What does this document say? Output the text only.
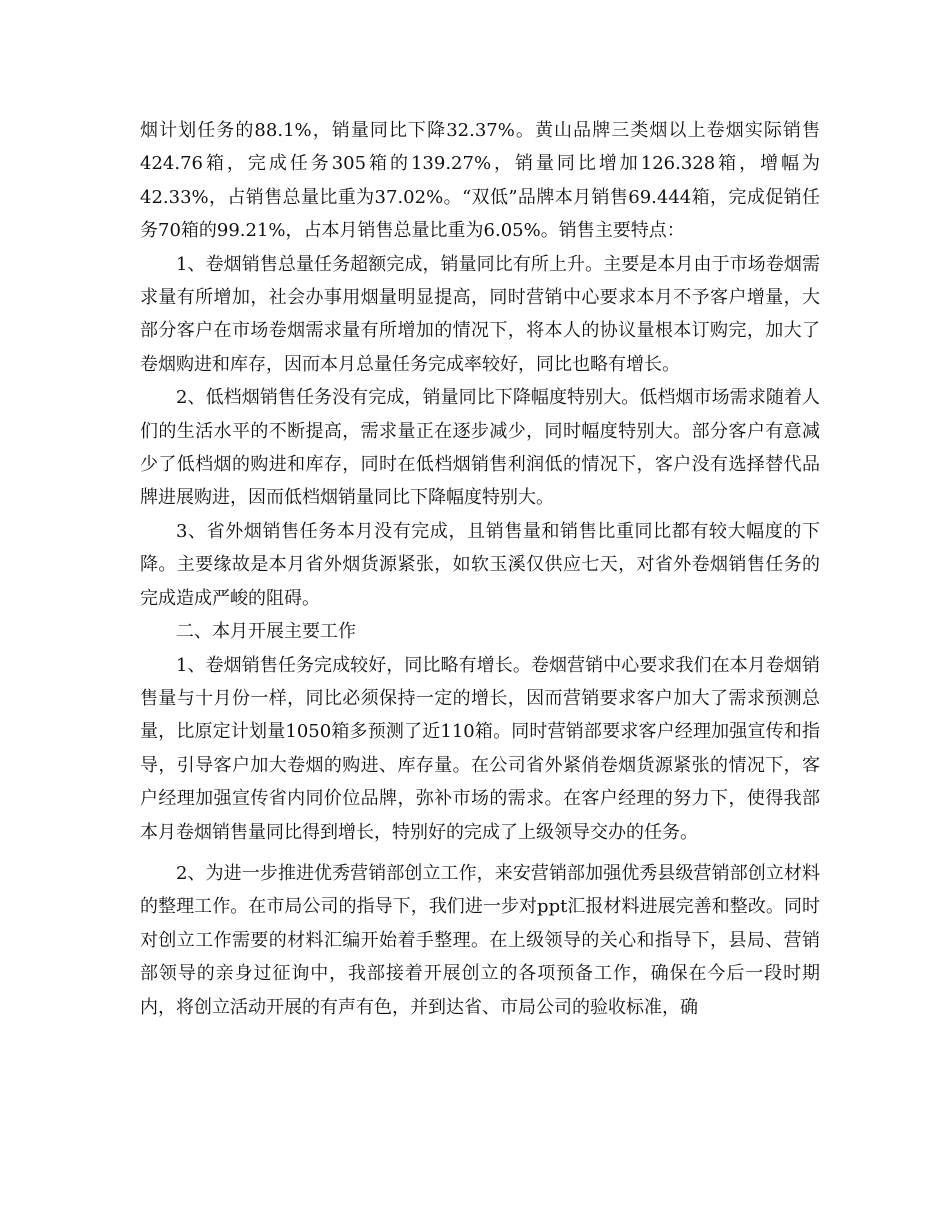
烟计划任务的88.1%，销量同比下降32.37%。黄山品牌三类烟以上卷烟实际销售424.76箱，完成任务305箱的139.27%，销量同比增加126.328箱，增幅为42.33%，占销售总量比重为37.02%。“双低”品牌本月销售69.444箱，完成促销任务70箱的99.21%，占本月销售总量比重为6.05%。销售主要特点：

1、卷烟销售总量任务超额完成，销量同比有所上升。主要是本月由于市场卷烟需求量有所增加，社会办事用烟量明显提高，同时营销中心要求本月不予客户增量，大部分客户在市场卷烟需求量有所增加的情况下，将本人的协议量根本订购完，加大了卷烟购进和库存，因而本月总量任务完成率较好，同比也略有增长。

2、低档烟销售任务没有完成，销量同比下降幅度特别大。低档烟市场需求随着人们的生活水平的不断提高，需求量正在逐步减少，同时幅度特别大。部分客户有意减少了低档烟的购进和库存，同时在低档烟销售利润低的情况下，客户没有选择替代品牌进展购进，因而低档烟销量同比下降幅度特别大。

3、省外烟销售任务本月没有完成，且销售量和销售比重同比都有较大幅度的下降。主要缘故是本月省外烟货源紧张，如软玉溪仅供应七天，对省外卷烟销售任务的完成造成严峻的阻碍。

二、本月开展主要工作

1、卷烟销售任务完成较好，同比略有增长。卷烟营销中心要求我们在本月卷烟销售量与十月份一样，同比必须保持一定的增长，因而营销要求客户加大了需求预测总量，比原定计划量1050箱多预测了近110箱。同时营销部要求客户经理加强宣传和指导，引导客户加大卷烟的购进、库存量。在公司省外紧俏卷烟货源紧张的情况下，客户经理加强宣传省内同价位品牌，弥补市场的需求。在客户经理的努力下，使得我部本月卷烟销售量同比得到增长，特别好的完成了上级领导交办的任务。

2、为进一步推进优秀营销部创立工作，来安营销部加强优秀县级营销部创立材料的整理工作。在市局公司的指导下，我们进一步对ppt汇报材料进展完善和整改。同时对创立工作需要的材料汇编开始着手整理。在上级领导的关心和指导下，县局、营销部领导的亲身过征询中，我部接着开展创立的各项预备工作，确保在今后一段时期内，将创立活动开展的有声有色，并到达省、市局公司的验收标准，确
